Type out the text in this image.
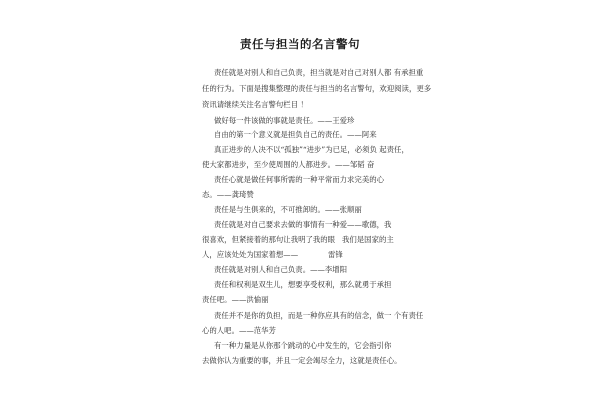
责任与担当的名言警句
责任就是对别人和自己负责，担当就是对自己对别人都 有承担重
任的行为。下面是搜集整理的责任与担当的名言警句，欢迎阅读，更多
资讯请继续关注名言警句栏目 ！
做好每一件该做的事就是责任。——王爱珍
自由的第一个意义就是担负自己的责任。——阿来
真正进步的人决不以“孤独”“进步”为已足，必须负 起责任，
使大家都进步，至少使周围的人都进步。——邹韬 奋
责任心就是做任何事所需的一种平常而力求完美的心
态。——龚琦赞
责任是与生俱来的，不可推卸的。——张顺丽
责任就是对自己要求去做的事情有一种爱——歌德，我
很喜欢，但紧接着的那句让我明了我的眼 我们是国家的主
人，应该处处为国家着想——	雷锋
责任就是对别人和自己负责。——李增阳
责任和权利是双生儿，想要享受权利，那么就勇于承担
责任吧。——洪愉丽
责任并不是你的负担，而是一种你应具有的信念，做一 个有责任
心的人吧。——范华芳
有一种力量是从你那个跳动的心中发生的，它会指引你
去做你认为重要的事，并且一定会竭尽全力，这就是责任心。
